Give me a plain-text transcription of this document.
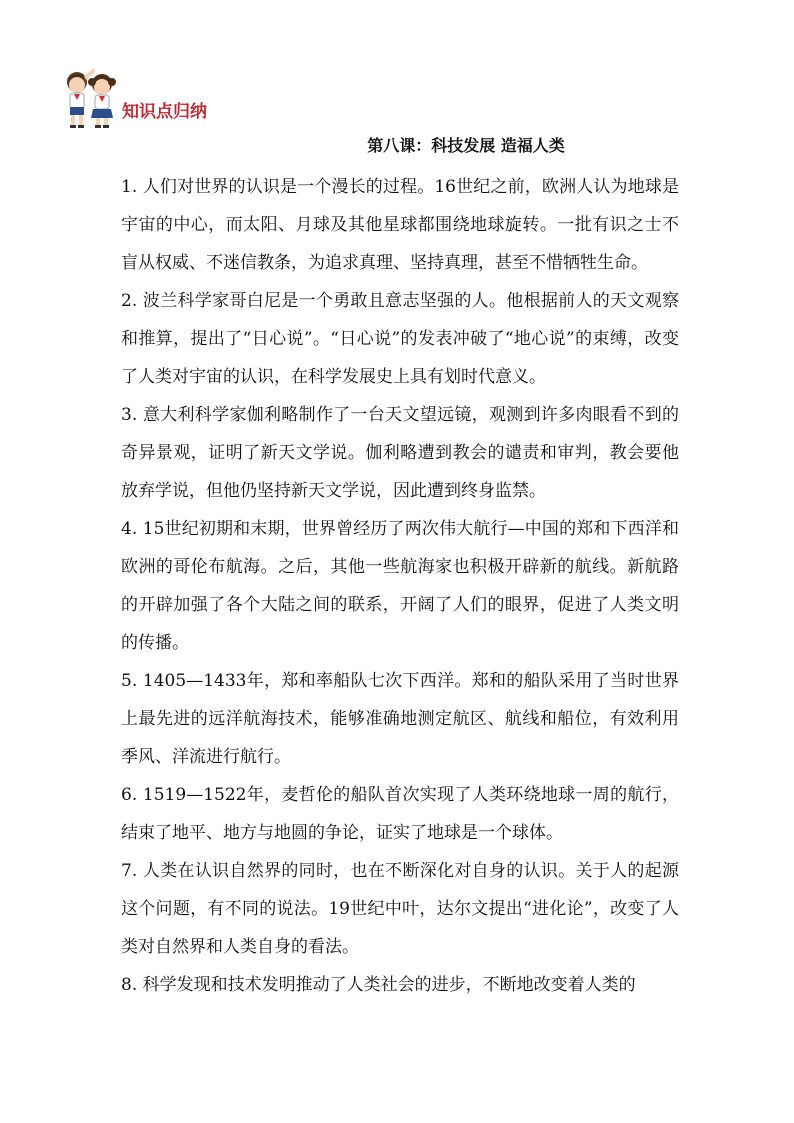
知识点归纳
第八课：科技发展 造福人类

1. 人们对世界的认识是一个漫长的过程。16世纪之前，欧洲人认为地球是宇宙的中心，而太阳、月球及其他星球都围绕地球旋转。一批有识之士不盲从权威、不迷信教条，为追求真理、坚持真理，甚至不惜牺牲生命。

2. 波兰科学家哥白尼是一个勇敢且意志坚强的人。他根据前人的天文观察和推算，提出了“日心说”。“日心说”的发表冲破了“地心说”的束缚，改变了人类对宇宙的认识，在科学发展史上具有划时代意义。

3. 意大利科学家伽利略制作了一台天文望远镜，观测到许多肉眼看不到的奇异景观，证明了新天文学说。伽利略遭到教会的谴责和审判，教会要他放弃学说，但他仍坚持新天文学说，因此遭到终身监禁。

4. 15世纪初期和末期，世界曾经历了两次伟大航行—中国的郑和下西洋和欧洲的哥伦布航海。之后，其他一些航海家也积极开辟新的航线。新航路的开辟加强了各个大陆之间的联系，开阔了人们的眼界，促进了人类文明的传播。

5. 1405—1433年，郑和率船队七次下西洋。郑和的船队采用了当时世界上最先进的远洋航海技术，能够准确地测定航区、航线和船位，有效利用季风、洋流进行航行。

6. 1519—1522年，麦哲伦的船队首次实现了人类环绕地球一周的航行，结束了地平、地方与地圆的争论，证实了地球是一个球体。

7. 人类在认识自然界的同时，也在不断深化对自身的认识。关于人的起源这个问题，有不同的说法。19世纪中叶，达尔文提出“进化论”，改变了人类对自然界和人类自身的看法。

8. 科学发现和技术发明推动了人类社会的进步，不断地改变着人类的
